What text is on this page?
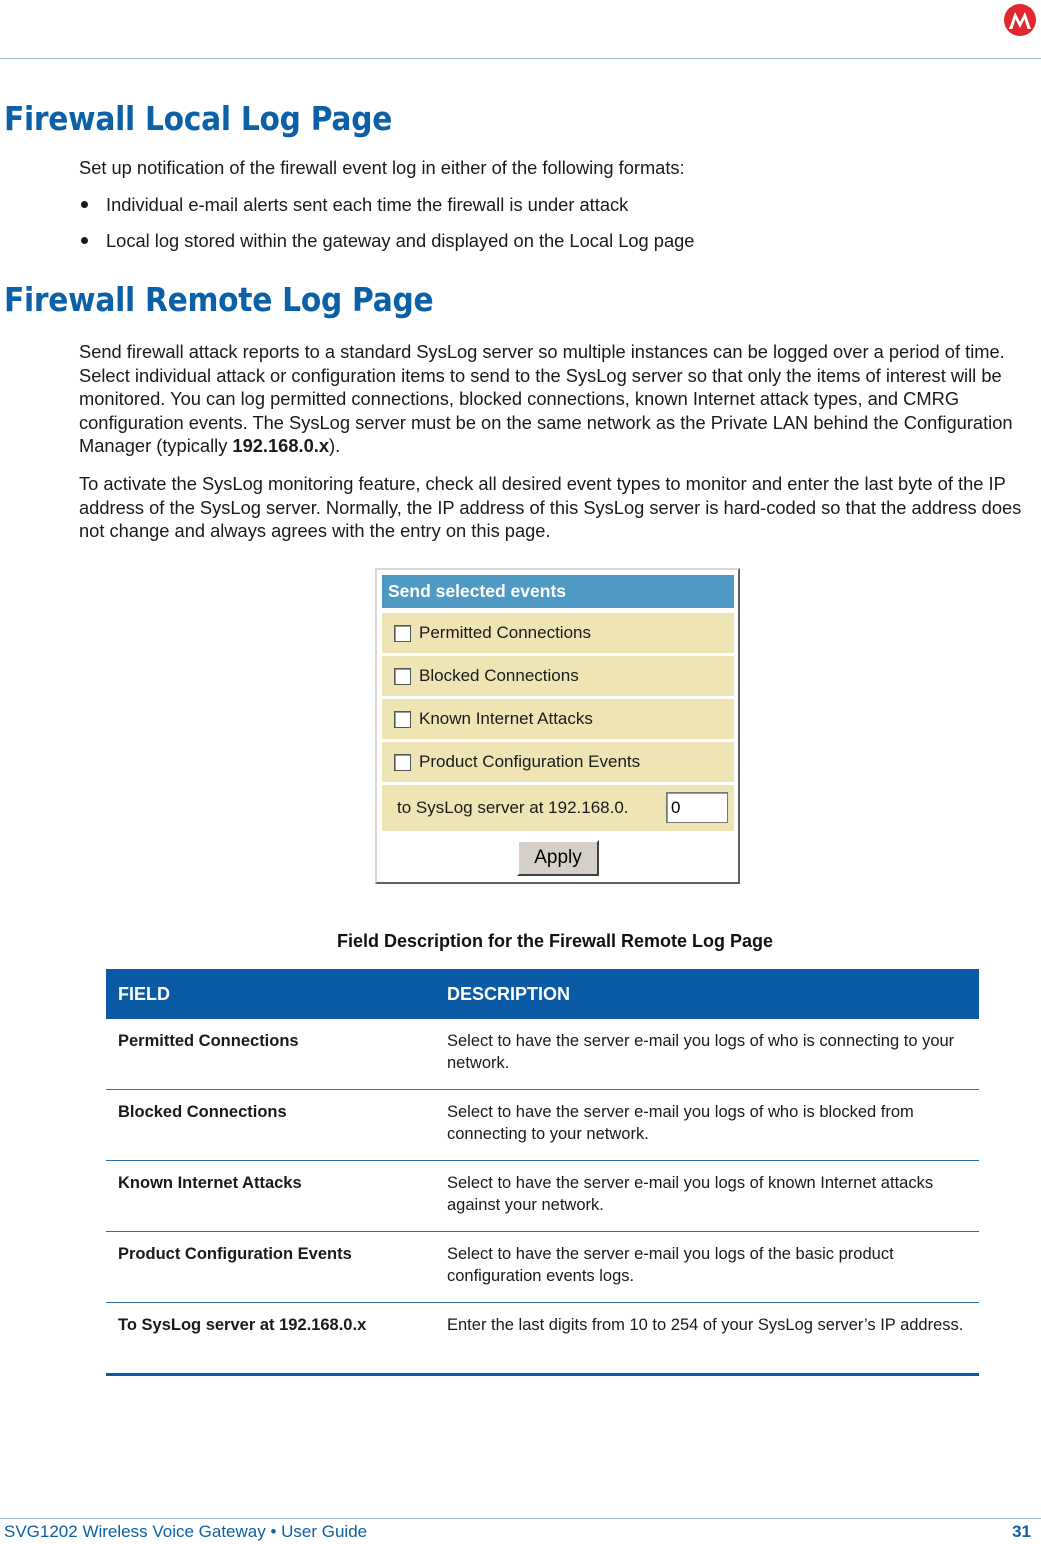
Firewall Local Log Page

Set up notification of the firewall event log in either of the following formats:

Individual e-mail alerts sent each time the firewall is under attack
Local log stored within the gateway and displayed on the Local Log page
Firewall Remote Log Page

Send firewall attack reports to a standard SysLog server so multiple instances can be logged over a period of time. Select individual attack or configuration items to send to the SysLog server so that only the items of interest will be monitored. You can log permitted connections, blocked connections, known Internet attack types, and CMRG configuration events. The SysLog server must be on the same network as the Private LAN behind the Configuration Manager (typically 192.168.0.x).

To activate the SysLog monitoring feature, check all desired event types to monitor and enter the last byte of the IP address of the SysLog server. Normally, the IP address of this SysLog server is hard-coded so that the address does not change and always agrees with the entry on this page.

Send selected events
Permitted Connections
Blocked Connections
Known Internet Attacks
Product Configuration Events
to SysLog server at 192.168.0.
0
Apply
Field Description for the Firewall Remote Log Page
FIELD	DESCRIPTION
Permitted Connections	Select to have the server e-mail you logs of who is connecting to your network.
Blocked Connections	Select to have the server e-mail you logs of who is blocked from connecting to your network.
Known Internet Attacks	Select to have the server e-mail you logs of known Internet attacks against your network.
Product Configuration Events	Select to have the server e-mail you logs of the basic product configuration events logs.
To SysLog server at 192.168.0.x	Enter the last digits from 10 to 254 of your SysLog server’s IP address.
SVG1202 Wireless Voice Gateway • User Guide	31
